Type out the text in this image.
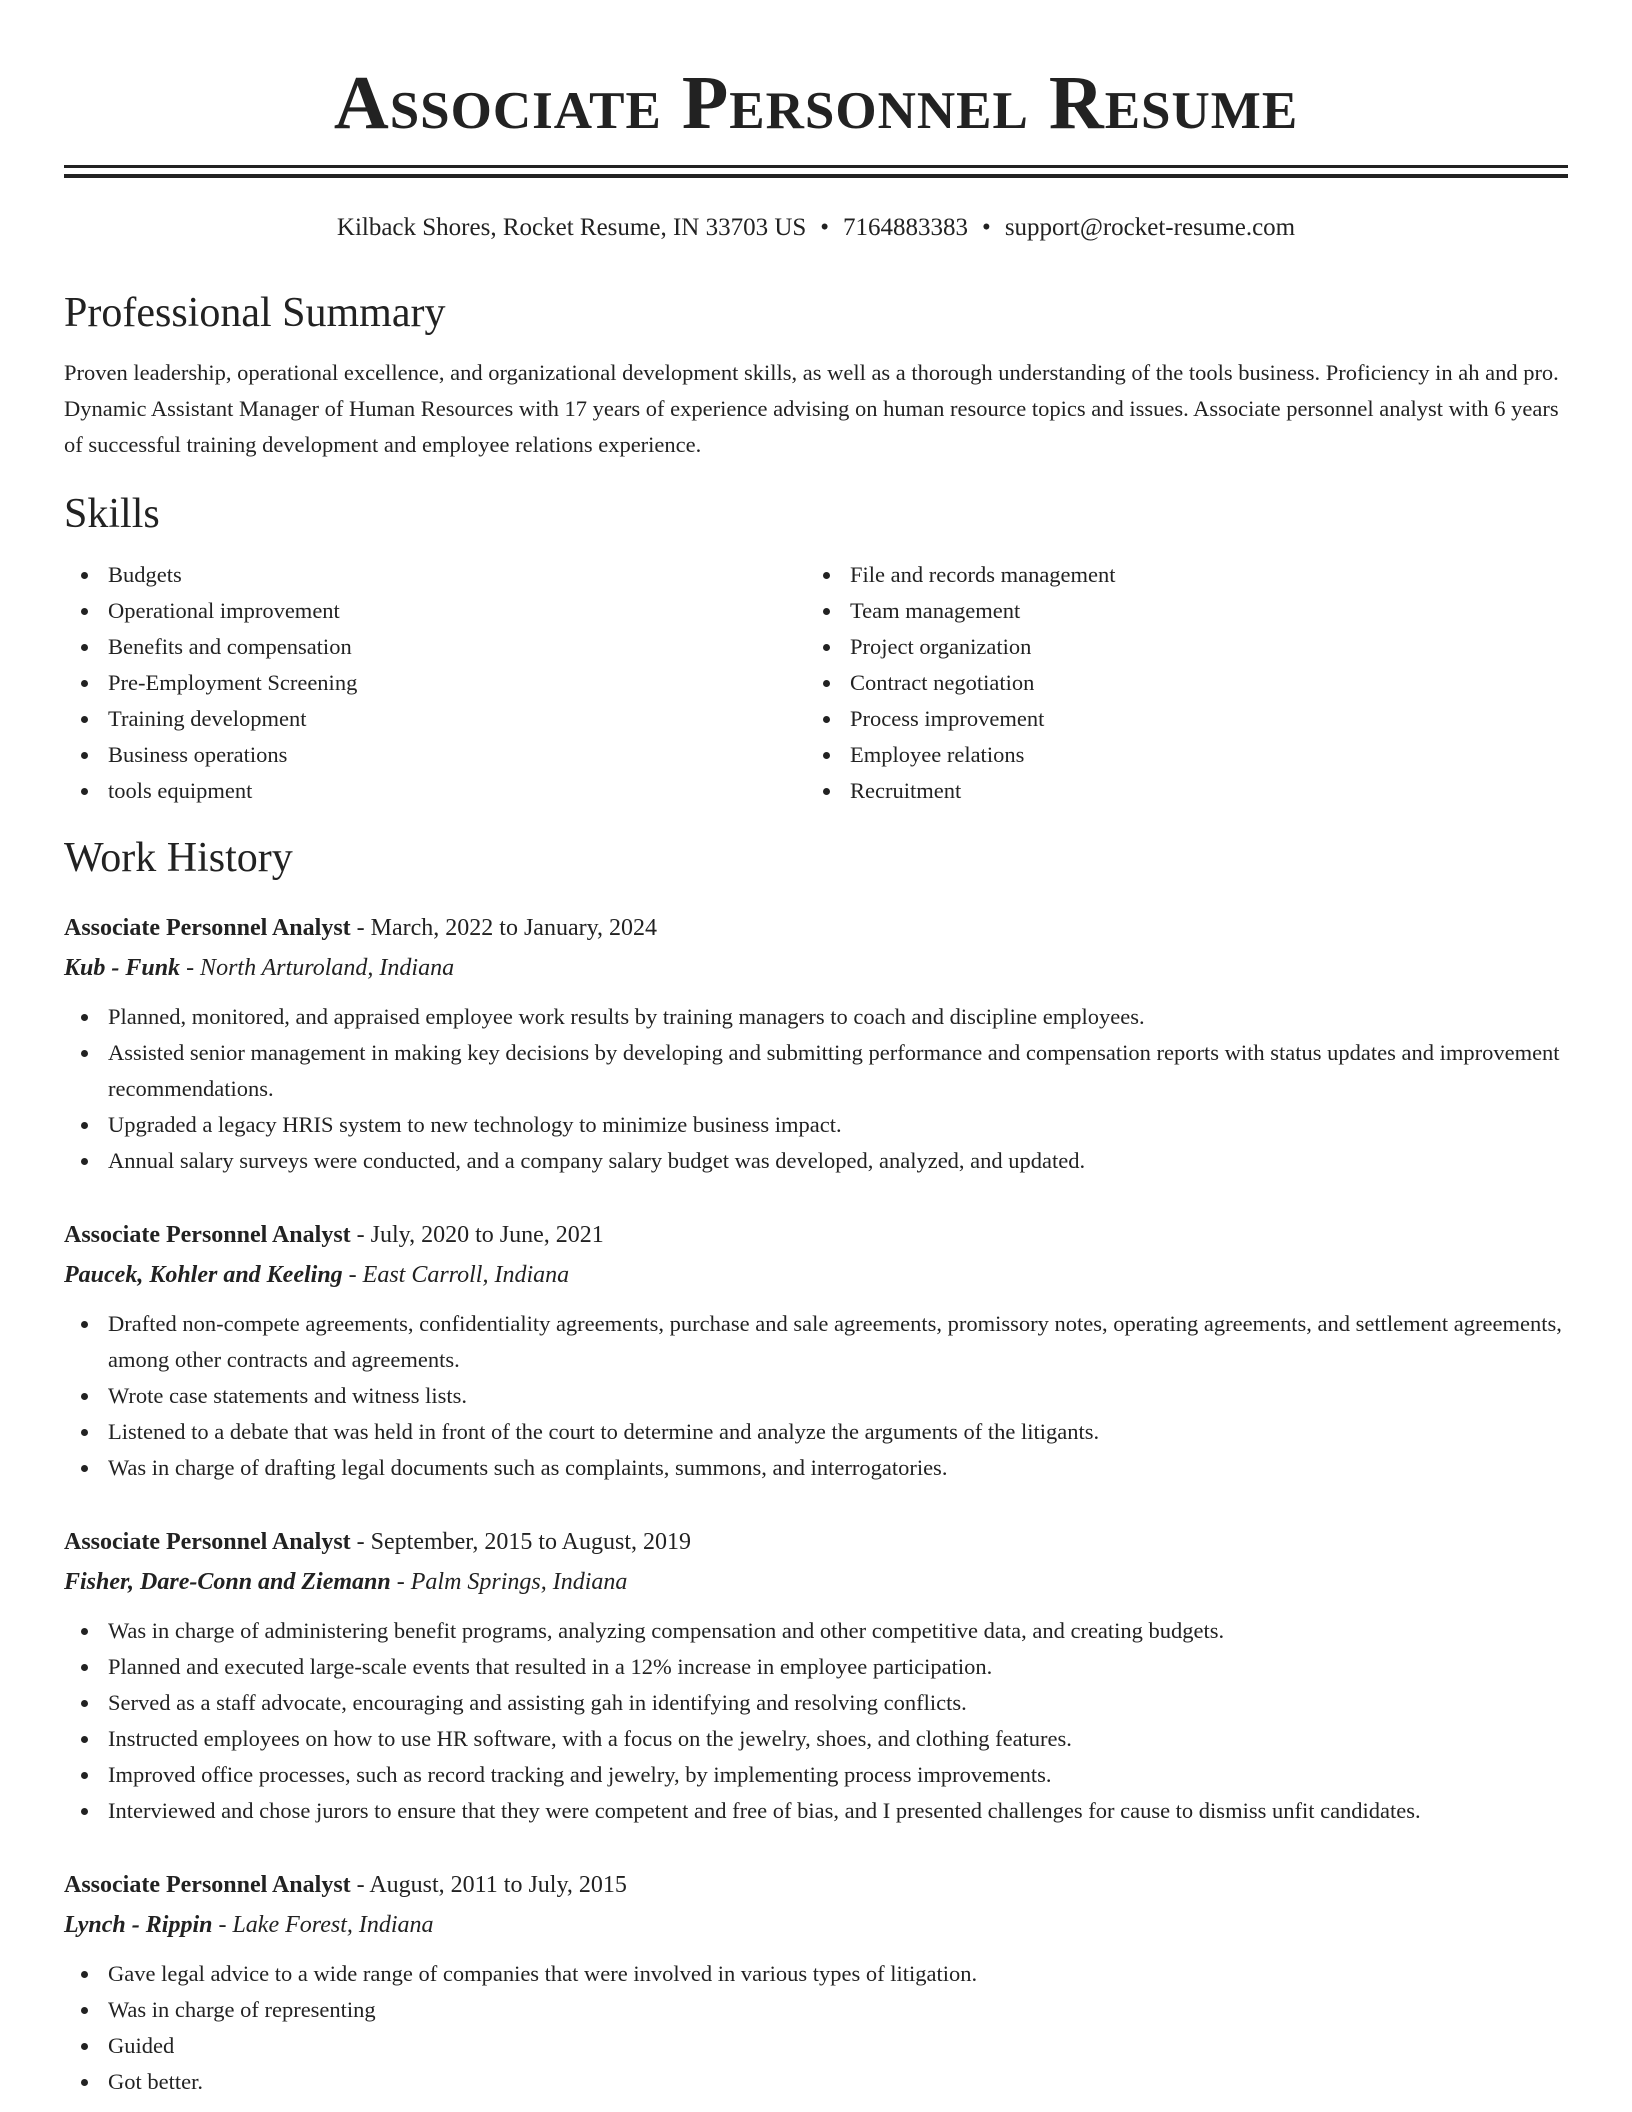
Associate Personnel Resume
Kilback Shores, Rocket Resume, IN 33703 US • 7164883383 • support@rocket-resume.com
Professional Summary
Proven leadership, operational excellence, and organizational development skills, as well as a thorough understanding of the tools business. Proficiency in ah and pro. Dynamic Assistant Manager of Human Resources with 17 years of experience advising on human resource topics and issues. Associate personnel analyst with 6 years of successful training development and employee relations experience.
Skills
Budgets
Operational improvement
Benefits and compensation
Pre-Employment Screening
Training development
Business operations
tools equipment
File and records management
Team management
Project organization
Contract negotiation
Process improvement
Employee relations
Recruitment
Work History
Associate Personnel Analyst - March, 2022 to January, 2024
Kub - Funk - North Arturoland, Indiana
Planned, monitored, and appraised employee work results by training managers to coach and discipline employees.
Assisted senior management in making key decisions by developing and submitting performance and compensation reports with status updates and improvement recommendations.
Upgraded a legacy HRIS system to new technology to minimize business impact.
Annual salary surveys were conducted, and a company salary budget was developed, analyzed, and updated.
Associate Personnel Analyst - July, 2020 to June, 2021
Paucek, Kohler and Keeling - East Carroll, Indiana
Drafted non-compete agreements, confidentiality agreements, purchase and sale agreements, promissory notes, operating agreements, and settlement agreements, among other contracts and agreements.
Wrote case statements and witness lists.
Listened to a debate that was held in front of the court to determine and analyze the arguments of the litigants.
Was in charge of drafting legal documents such as complaints, summons, and interrogatories.
Associate Personnel Analyst - September, 2015 to August, 2019
Fisher, Dare-Conn and Ziemann - Palm Springs, Indiana
Was in charge of administering benefit programs, analyzing compensation and other competitive data, and creating budgets.
Planned and executed large-scale events that resulted in a 12% increase in employee participation.
Served as a staff advocate, encouraging and assisting gah in identifying and resolving conflicts.
Instructed employees on how to use HR software, with a focus on the jewelry, shoes, and clothing features.
Improved office processes, such as record tracking and jewelry, by implementing process improvements.
Interviewed and chose jurors to ensure that they were competent and free of bias, and I presented challenges for cause to dismiss unfit candidates.
Associate Personnel Analyst - August, 2011 to July, 2015
Lynch - Rippin - Lake Forest, Indiana
Gave legal advice to a wide range of companies that were involved in various types of litigation.
Was in charge of representing
Guided
Got better.
